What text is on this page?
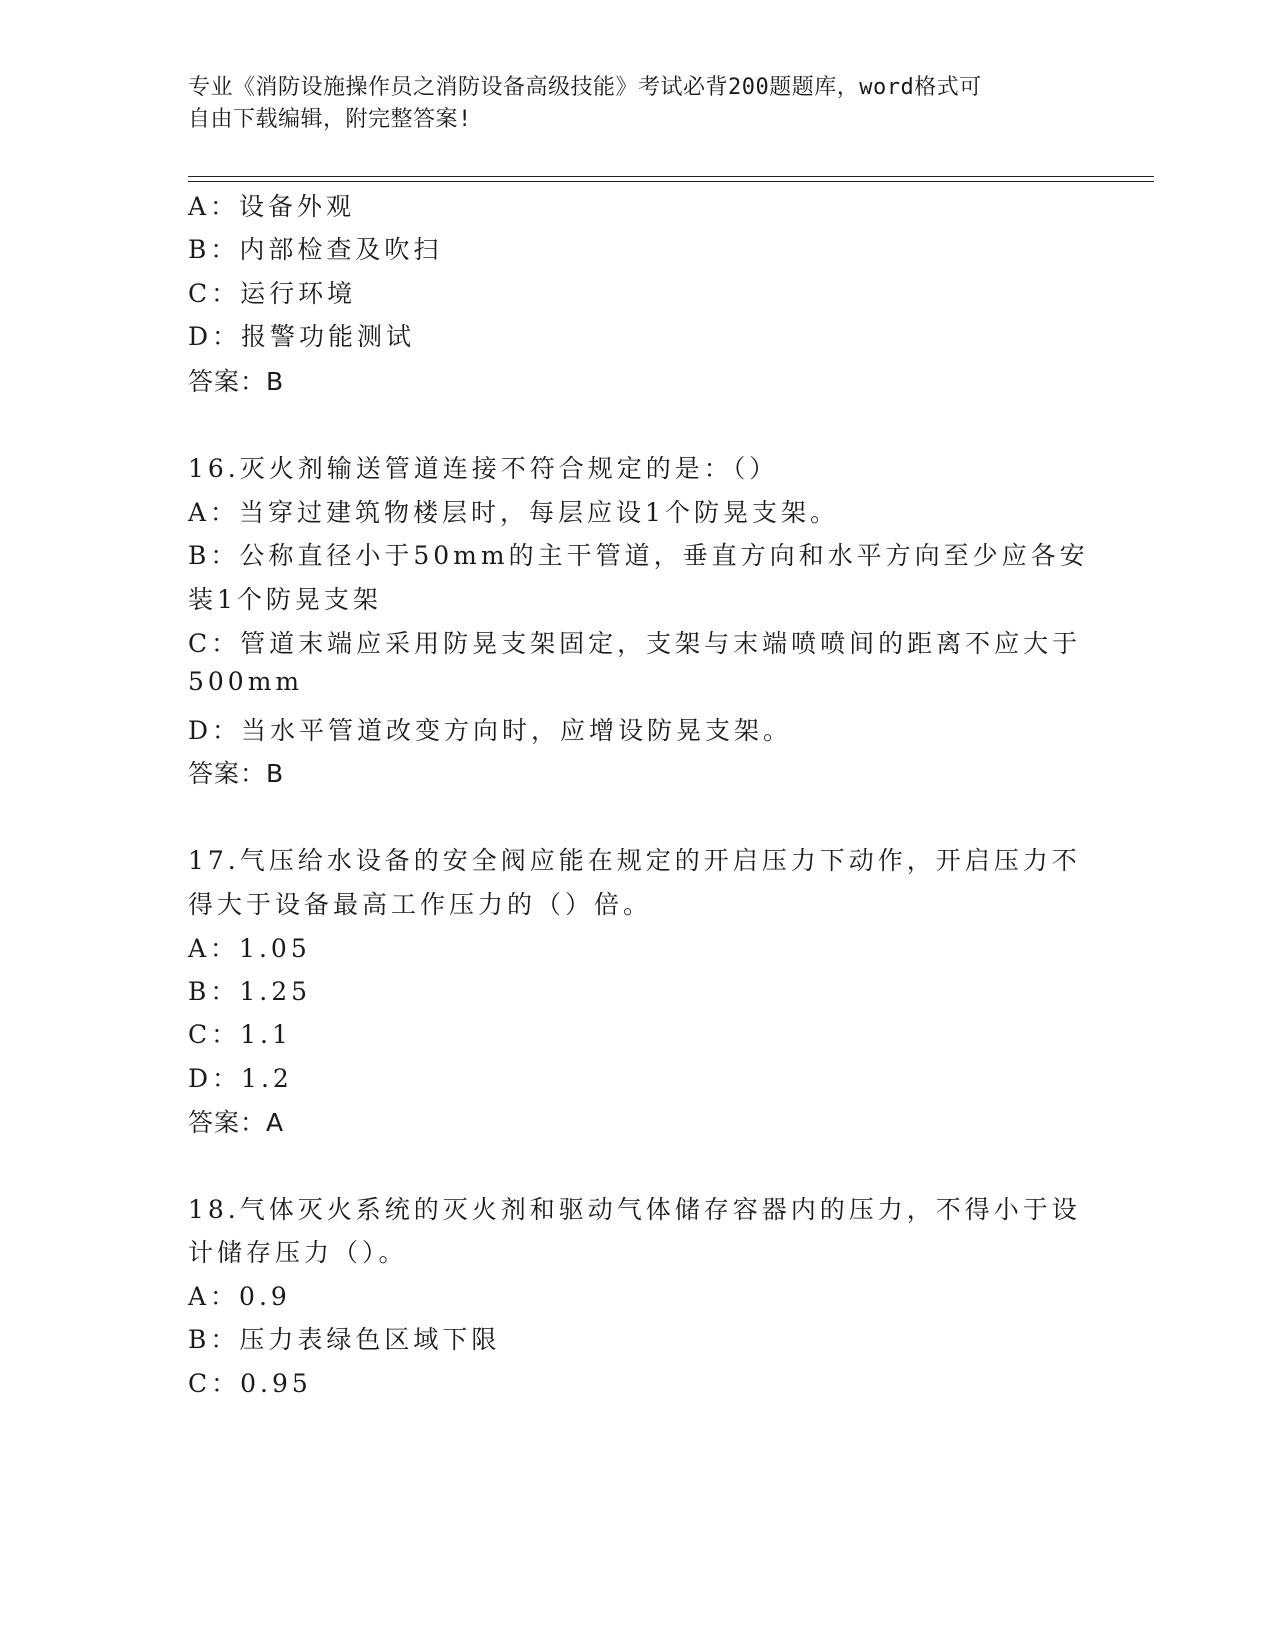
专业《消防设施操作员之消防设备高级技能》考试必背200题题库，word格式可
自由下载编辑，附完整答案!
A：设备外观
B：内部检查及吹扫
C：运行环境
D：报警功能测试
答案：B
16.灭火剂输送管道连接不符合规定的是：（）
A：当穿过建筑物楼层时，每层应设1个防晃支架。
B：公称直径小于50mm的主干管道，垂直方向和水平方向至少应各安
装1个防晃支架
C：管道末端应采用防晃支架固定，支架与末端喷喷间的距离不应大于
500mm
D：当水平管道改变方向时，应增设防晃支架。
答案：B
17.气压给水设备的安全阀应能在规定的开启压力下动作，开启压力不
得大于设备最高工作压力的（）倍。
A：1.05
B：1.25
C：1.1
D：1.2
答案：A
18.气体灭火系统的灭火剂和驱动气体储存容器内的压力，不得小于设
计储存压力（）。
A：0.9
B：压力表绿色区域下限
C：0.95
